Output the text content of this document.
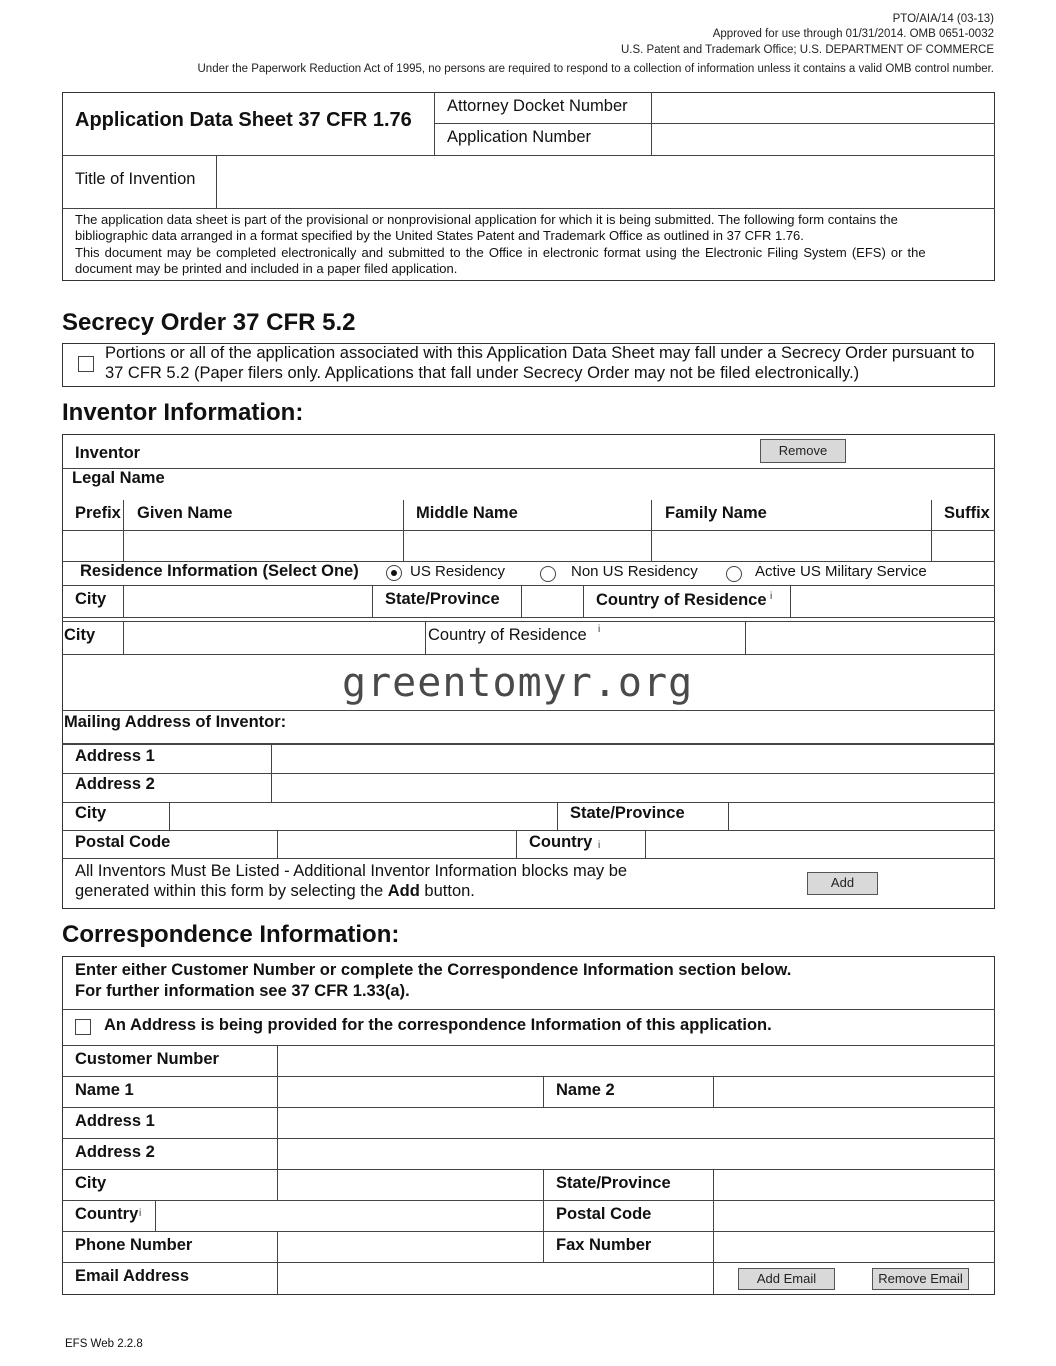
PTO/AIA/14 (03-13)
Approved for use through 01/31/2014. OMB 0651-0032
U.S. Patent and Trademark Office; U.S. DEPARTMENT OF COMMERCE
Under the Paperwork Reduction Act of 1995, no persons are required to respond to a collection of information unless it contains a valid OMB control number.
Application Data Sheet 37 CFR 1.76
Attorney Docket Number
Application Number
Title of Invention
The application data sheet is part of the provisional or nonprovisional application for which it is being submitted. The following form contains the
bibliographic data arranged in a format specified by the United States Patent and Trademark Office as outlined in 37 CFR 1.76.
This document may be completed electronically and submitted to the Office in electronic format using the Electronic Filing System (EFS) or the
document may be printed and included in a paper filed application.
Secrecy Order 37 CFR 5.2
Portions or all of the application associated with this Application Data Sheet may fall under a Secrecy Order pursuant to
37 CFR 5.2 (Paper filers only. Applications that fall under Secrecy Order may not be filed electronically.)
Inventor Information:
Inventor	Remove
Legal Name
Prefix Given Name	Middle Name	Family Name	Suffix
Residence Information (Select One)	US Residency	Non US Residency	Active US Military Service
City	State/Province	Country of Residence i
City	Country of Residence i
greentomyr.org
Mailing Address of Inventor:
Address 1
Address 2
City	State/Province
Postal Code	Country i
All Inventors Must Be Listed - Additional Inventor Information blocks may be
generated within this form by selecting the Add button.	Add
Correspondence Information:
Enter either Customer Number or complete the Correspondence Information section below.
For further information see 37 CFR 1.33(a).
An Address is being provided for the correspondence Information of this application.
Customer Number
Name 1	Name 2
Address 1
Address 2
City	State/Province
Country i	Postal Code
Phone Number	Fax Number
Email Address	Add Email	Remove Email
EFS Web 2.2.8
